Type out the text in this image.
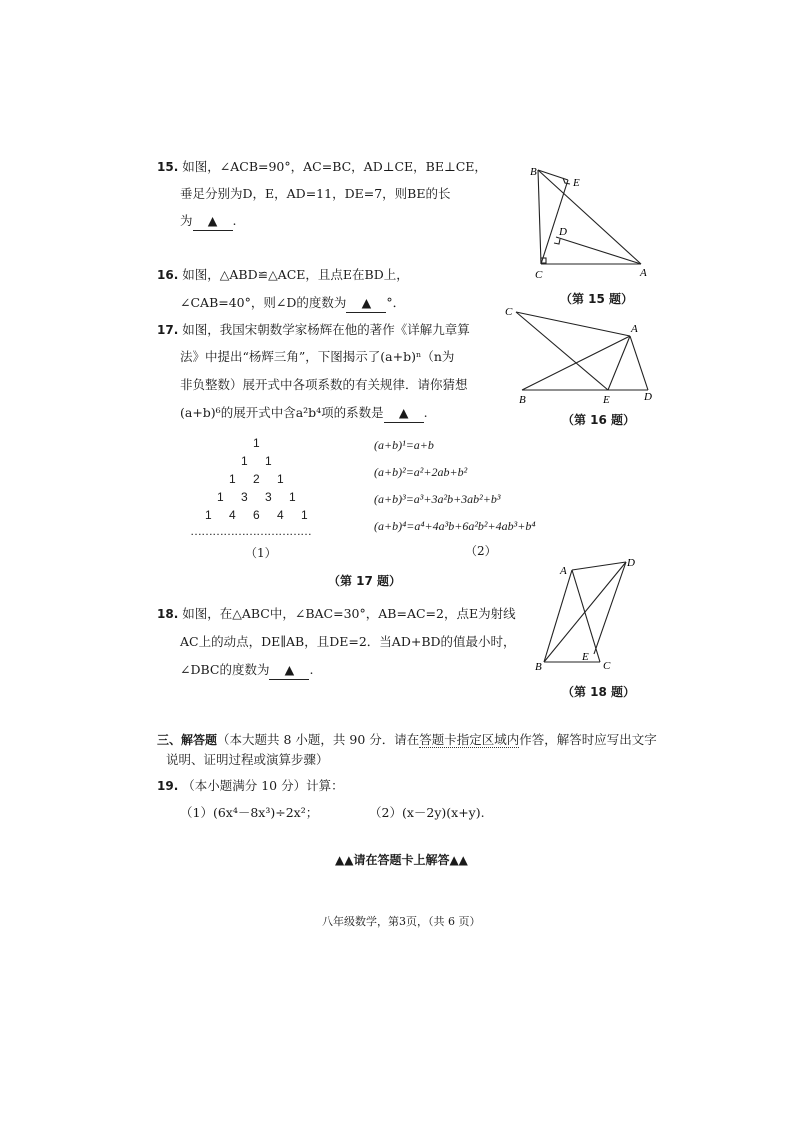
15. 如图，∠ACB=90°，AC=BC，AD⊥CE，BE⊥CE，
垂足分别为D，E，AD=11，DE=7，则BE的长
为 ▲ .
B
E
D
C	A
（第 15 题）
16. 如图，△ABD≌△ACE，且点E在BD上，
∠CAB=40°，则∠D的度数为 ▲ °．
C
A
B	E	D
（第 16 题）
17. 如图，我国宋朝数学家杨辉在他的著作《详解九章算
法》中提出“杨辉三角”，下图揭示了(a+b)ⁿ（n为
非负整数）展开式中各项系数的有关规律．请你猜想
(a+b)⁶的展开式中含a²b⁴项的系数是 ▲ .
1
1 1
1 2 1
1 3 3 1
1 4 6 4 1
……………………………
（1）
(a+b)¹=a+b
(a+b)²=a²+2ab+b²
(a+b)³=a³+3a²b+3ab²+b³
(a+b)⁴=a⁴+4a³b+6a²b²+4ab³+b⁴
（2）
（第 17 题）
A
D
B
E
C
（第 18 题）
18. 如图，在△ABC中，∠BAC=30°，AB=AC=2，点E为射线
AC上的动点，DE∥AB，且DE=2．当AD+BD的值最小时，
∠DBC的度数为 ▲ .
三、解答题（本大题共 8 小题，共 90 分．请在答题卡指定区域内作答，解答时应写出文字
说明、证明过程或演算步骤）
19. （本小题满分 10 分）计算：
（1）(6x⁴－8x³)÷2x²；	（2）(x－2y)(x+y).
▲▲请在答题卡上解答▲▲
八年级数学，第3页，（共 6 页）
